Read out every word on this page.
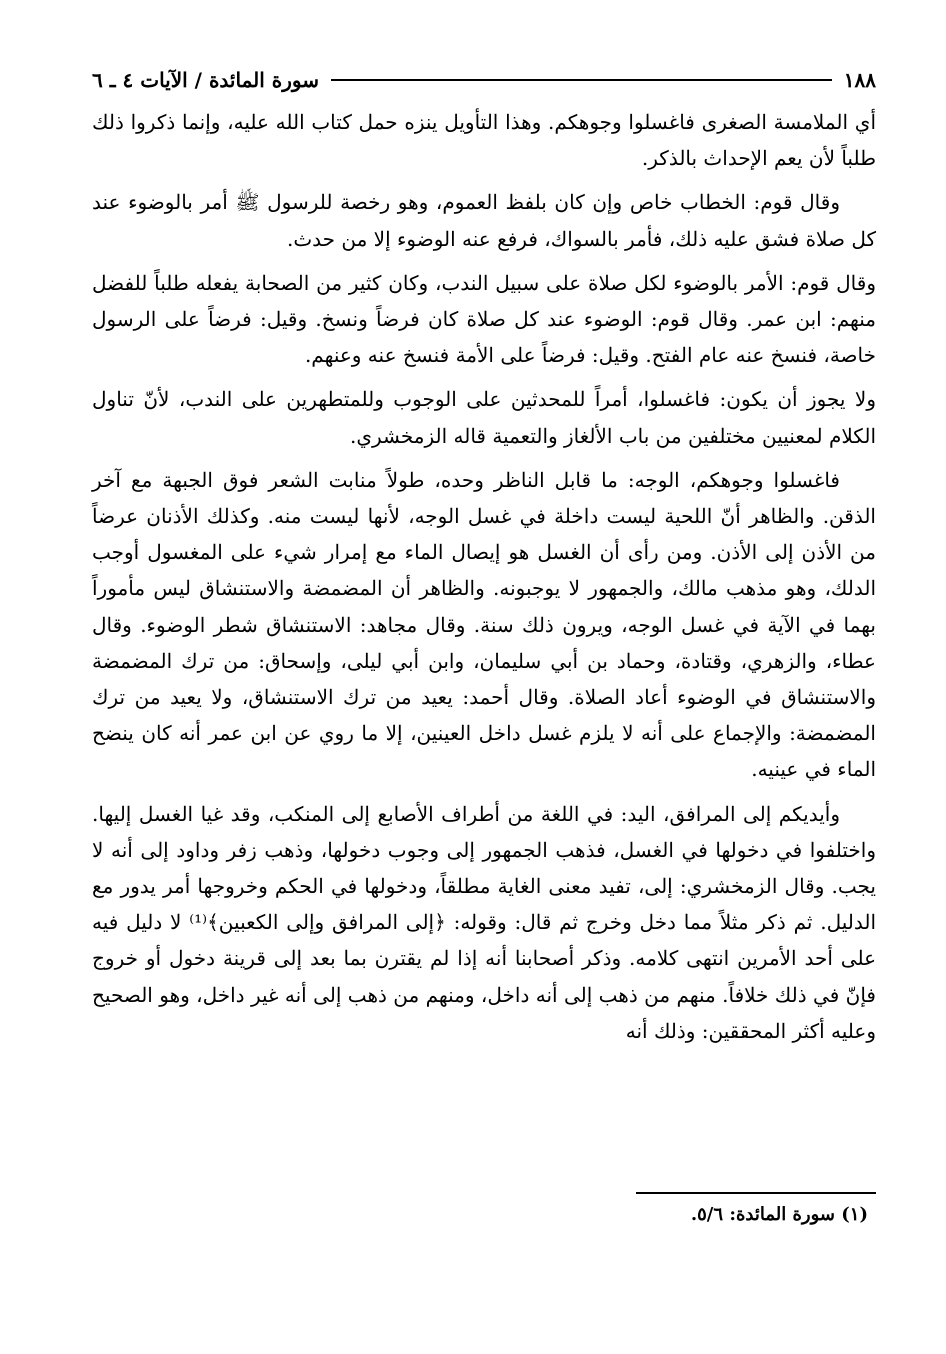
١٨٨
سورة المائدة / الآيات ٤ ـ ٦

أي الملامسة الصغرى فاغسلوا وجوهكم. وهذا التأويل ينزه حمل كتاب الله عليه، وإنما ذكروا ذلك طلباً لأن يعم الإحداث بالذكر.

وقال قوم: الخطاب خاص وإن كان بلفظ العموم، وهو رخصة للرسول ﷺ أمر بالوضوء عند كل صلاة فشق عليه ذلك، فأمر بالسواك، فرفع عنه الوضوء إلا من حدث.

وقال قوم: الأمر بالوضوء لكل صلاة على سبيل الندب، وكان كثير من الصحابة يفعله طلباً للفضل منهم: ابن عمر. وقال قوم: الوضوء عند كل صلاة كان فرضاً ونسخ. وقيل: فرضاً على الرسول خاصة، فنسخ عنه عام الفتح. وقيل: فرضاً على الأمة فنسخ عنه وعنهم.

ولا يجوز أن يكون: فاغسلوا، أمراً للمحدثين على الوجوب وللمتطهرين على الندب، لأنّ تناول الكلام لمعنيين مختلفين من باب الألغاز والتعمية قاله الزمخشري.

فاغسلوا وجوهكم، الوجه: ما قابل الناظر وحده، طولاً منابت الشعر فوق الجبهة مع آخر الذقن. والظاهر أنّ اللحية ليست داخلة في غسل الوجه، لأنها ليست منه. وكذلك الأذنان عرضاً من الأذن إلى الأذن. ومن رأى أن الغسل هو إيصال الماء مع إمرار شيء على المغسول أوجب الدلك، وهو مذهب مالك، والجمهور لا يوجبونه. والظاهر أن المضمضة والاستنشاق ليس مأموراً بهما في الآية في غسل الوجه، ويرون ذلك سنة. وقال مجاهد: الاستنشاق شطر الوضوء. وقال عطاء، والزهري، وقتادة، وحماد بن أبي سليمان، وابن أبي ليلى، وإسحاق: من ترك المضمضة والاستنشاق في الوضوء أعاد الصلاة. وقال أحمد: يعيد من ترك الاستنشاق، ولا يعيد من ترك المضمضة: والإجماع على أنه لا يلزم غسل داخل العينين، إلا ما روي عن ابن عمر أنه كان ينضح الماء في عينيه.

وأيديكم إلى المرافق، اليد: في اللغة من أطراف الأصابع إلى المنكب، وقد غيا الغسل إليها. واختلفوا في دخولها في الغسل، فذهب الجمهور إلى وجوب دخولها، وذهب زفر وداود إلى أنه لا يجب. وقال الزمخشري: إلى، تفيد معنى الغاية مطلقاً، ودخولها في الحكم وخروجها أمر يدور مع الدليل. ثم ذكر مثلاً مما دخل وخرج ثم قال: وقوله: ﴿إلى المرافق وإلى الكعبين﴾⁽¹⁾ لا دليل فيه على أحد الأمرين انتهى كلامه. وذكر أصحابنا أنه إذا لم يقترن بما بعد إلى قرينة دخول أو خروج فإنّ في ذلك خلافاً. منهم من ذهب إلى أنه داخل، ومنهم من ذهب إلى أنه غير داخل، وهو الصحيح وعليه أكثر المحققين: وذلك أنه

(١) سورة المائدة: ٥/٦.
